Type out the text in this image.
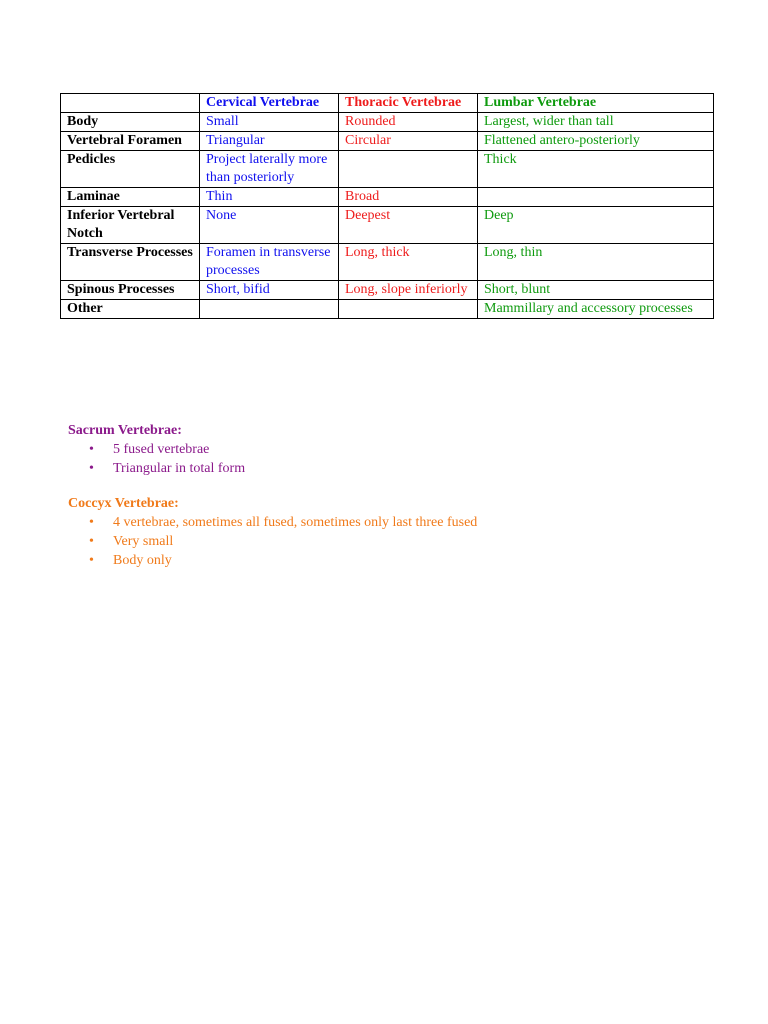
	Cervical Vertebrae	Thoracic Vertebrae	Lumbar Vertebrae
Body	Small	Rounded	Largest, wider than tall
Vertebral Foramen	Triangular	Circular	Flattened antero-posteriorly
Pedicles	Project laterally more than posteriorly		Thick
Laminae	Thin	Broad	
Inferior Vertebral Notch	None	Deepest	Deep
Transverse Processes	Foramen in transverse processes	Long, thick	Long, thin
Spinous Processes	Short, bifid	Long, slope inferiorly	Short, blunt
Other			Mammillary and accessory processes
Sacrum Vertebrae:
• 5 fused vertebrae
• Triangular in total form
Coccyx Vertebrae:
• 4 vertebrae, sometimes all fused, sometimes only last three fused
• Very small
• Body only
